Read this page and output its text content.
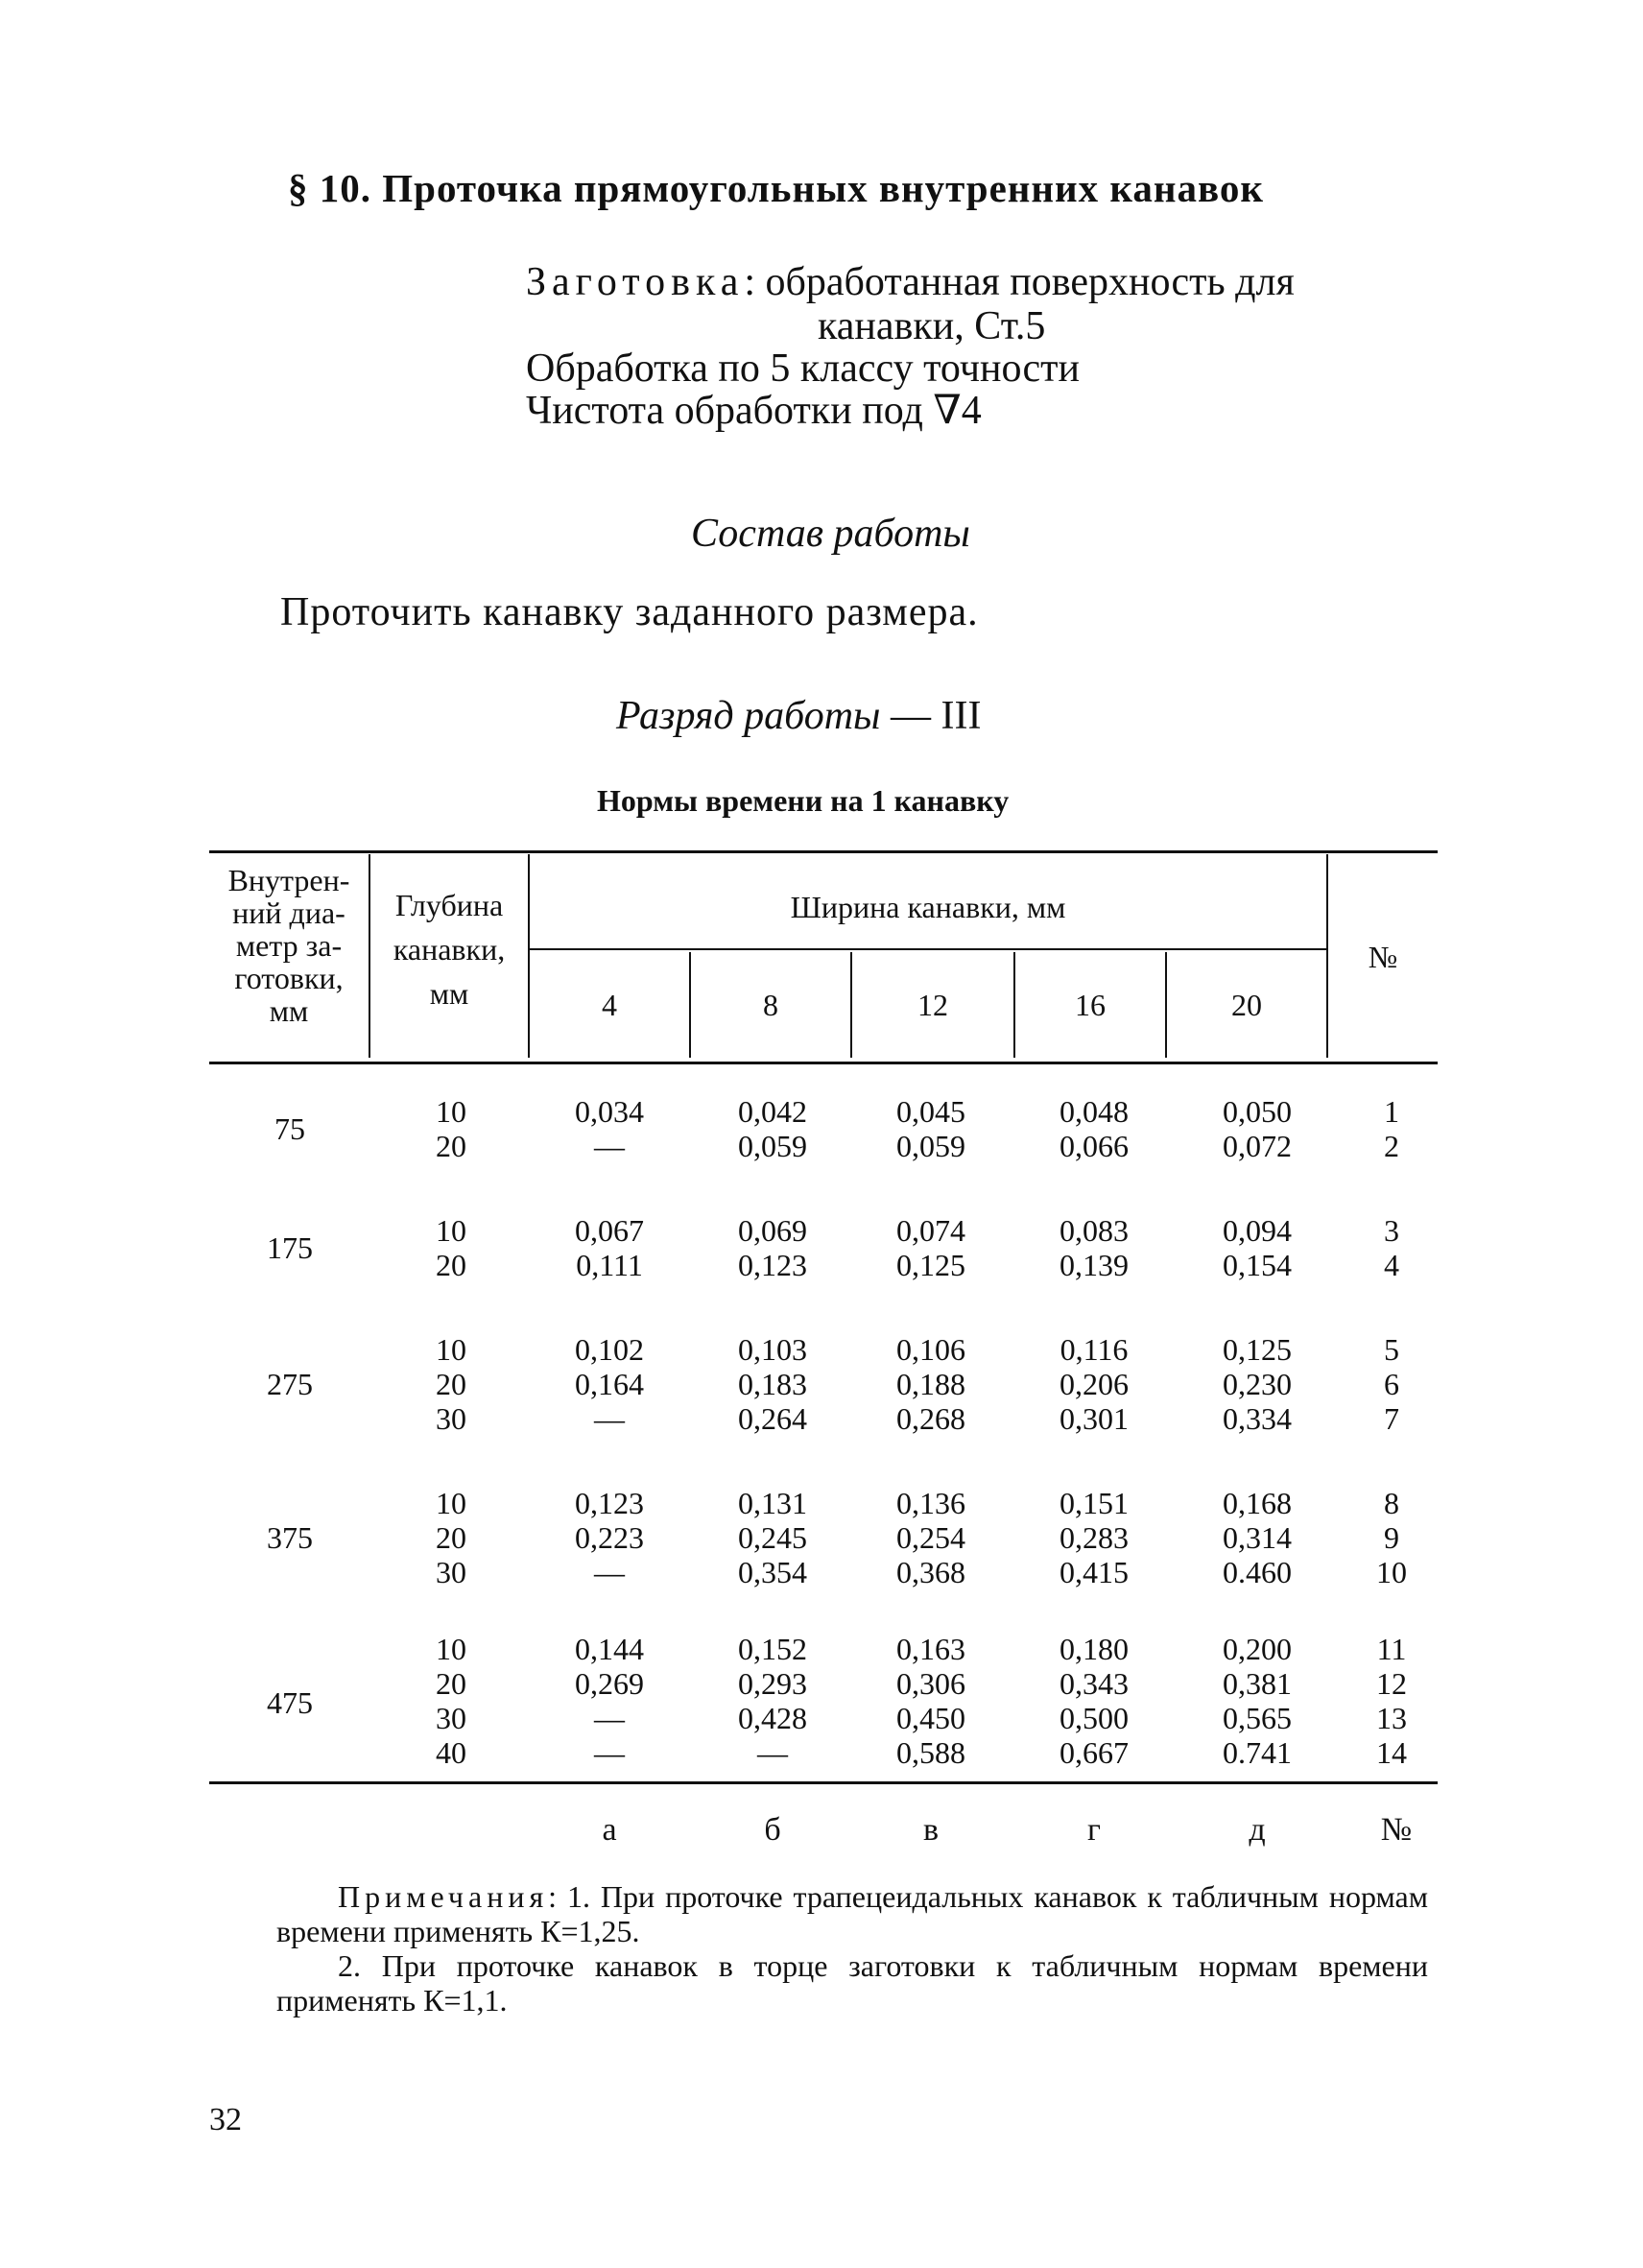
§ 10. Проточка прямоугольных внутренних канавок
Заготовка: обработанная поверхность для
канавки, Ст.5
Обработка по 5 классу точности
Чистота обработки под ∇4
Состав работы
Проточить канавку заданного размера.
Разряд работы — III
Нормы времени на 1 канавку
Внутрен-
ний диа-
метр за-
готовки,
мм
Глубина
канавки,
мм
Ширина канавки, мм
4	8	12	16	20
№
75	10	0,034	0,042	0,045	0,048	0,050	1
20	—	0,059	0,059	0,066	0,072	2
175	10	0,067	0,069	0,074	0,083	0,094	3
20	0,111	0,123	0,125	0,139	0,154	4
275
10	0,102	0,103	0,106	0,116	0,125	5
20	0,164	0,183	0,188	0,206	0,230	6
30	—	0,264	0,268	0,301	0,334	7
375
10	0,123	0,131	0,136	0,151	0,168	8
20	0,223	0,245	0,254	0,283	0,314	9
30	—	0,354	0,368	0,415	0.460	10
475
10	0,144	0,152	0,163	0,180	0,200	11
20	0,269	0,293	0,306	0,343	0,381	12
30	—	0,428	0,450	0,500	0,565	13
40	—	—	0,588	0,667	0.741	14
а	б	в	г	д	№

Примечания: 1. При проточке трапецеидальных канавок к табличным нормам времени применять К=1,25.

2. При проточке канавок в торце заготовки к табличным нормам времени применять К=1,1.

32
